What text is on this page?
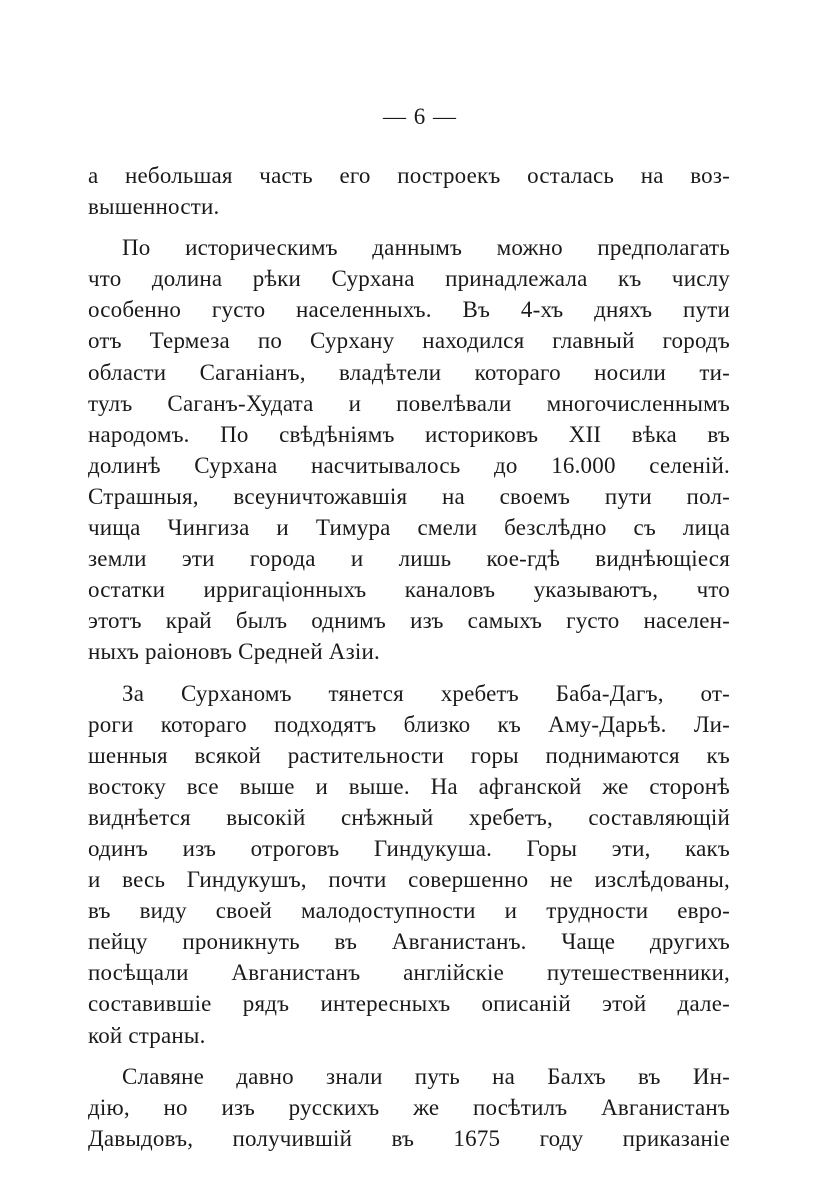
— 6 —
а небольшая часть его построекъ осталась на воз-
вышенности.
По историческимъ даннымъ можно предполагать
что долина рѣки Сурхана принадлежала къ числу
особенно густо населенныхъ. Въ 4-хъ дняхъ пути
отъ Термеза по Сурхану находился главный городъ
области Саганіанъ, владѣтели котораго носили ти-
тулъ Саганъ-Худата и повелѣвали многочисленнымъ
народомъ. По свѣдѣніямъ историковъ XII вѣка въ
долинѣ Сурхана насчитывалось до 16.000 селеній.
Страшныя, всеуничтожавшія на своемъ пути пол-
чища Чингиза и Тимура смели безслѣдно съ лица
земли эти города и лишь кое-гдѣ виднѣющіеся
остатки ирригаціонныхъ каналовъ указываютъ, что
этотъ край былъ однимъ изъ самыхъ густо населен-
ныхъ раіоновъ Средней Азіи.
За Сурханомъ тянется хребетъ Баба-Дагъ, от-
роги котораго подходятъ близко къ Аму-Дарьѣ. Ли-
шенныя всякой растительности горы поднимаются къ
востоку все выше и выше. На афганской же сторонѣ
виднѣется высокій снѣжный хребетъ, составляющій
одинъ изъ отроговъ Гиндукуша. Горы эти, какъ
и весь Гиндукушъ, почти совершенно не изслѣдованы,
въ виду своей малодоступности и трудности евро-
пейцу проникнуть въ Авганистанъ. Чаще другихъ
посѣщали Авганистанъ англійскіе путешественники,
составившіе рядъ интересныхъ описаній этой дале-
кой страны.
Славяне давно знали путь на Балхъ въ Ин-
дію, но изъ русскихъ же посѣтилъ Авганистанъ
Давыдовъ, получившій въ 1675 году приказаніе
